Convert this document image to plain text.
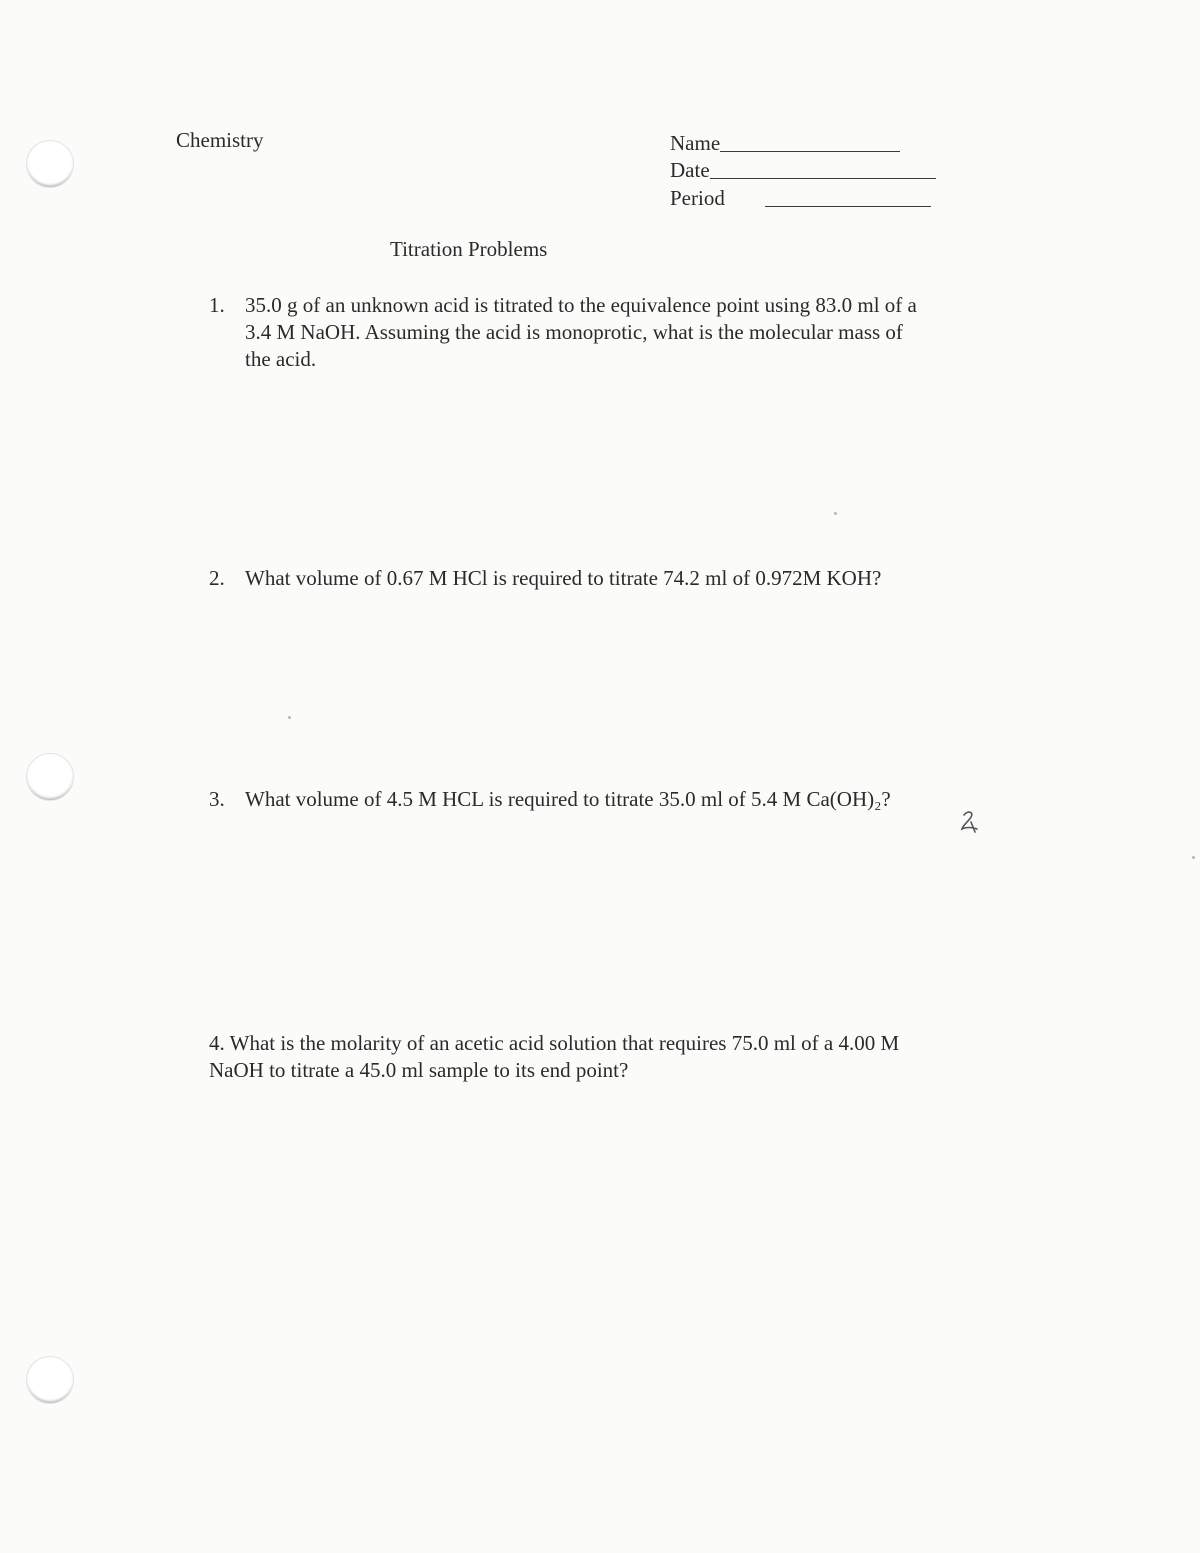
Chemistry	Name
Date
Period
Titration Problems
1. 35.0 g of an unknown acid is titrated to the equivalence point using 83.0 ml of a
3.4 M NaOH. Assuming the acid is monoprotic, what is the molecular mass of
the acid.
2. What volume of 0.67 M HCl is required to titrate 74.2 ml of 0.972M KOH?
3. What volume of 4.5 M HCL is required to titrate 35.0 ml of 5.4 M Ca(OH)₂?
4. What is the molarity of an acetic acid solution that requires 75.0 ml of a 4.00 M
NaOH to titrate a 45.0 ml sample to its end point?
